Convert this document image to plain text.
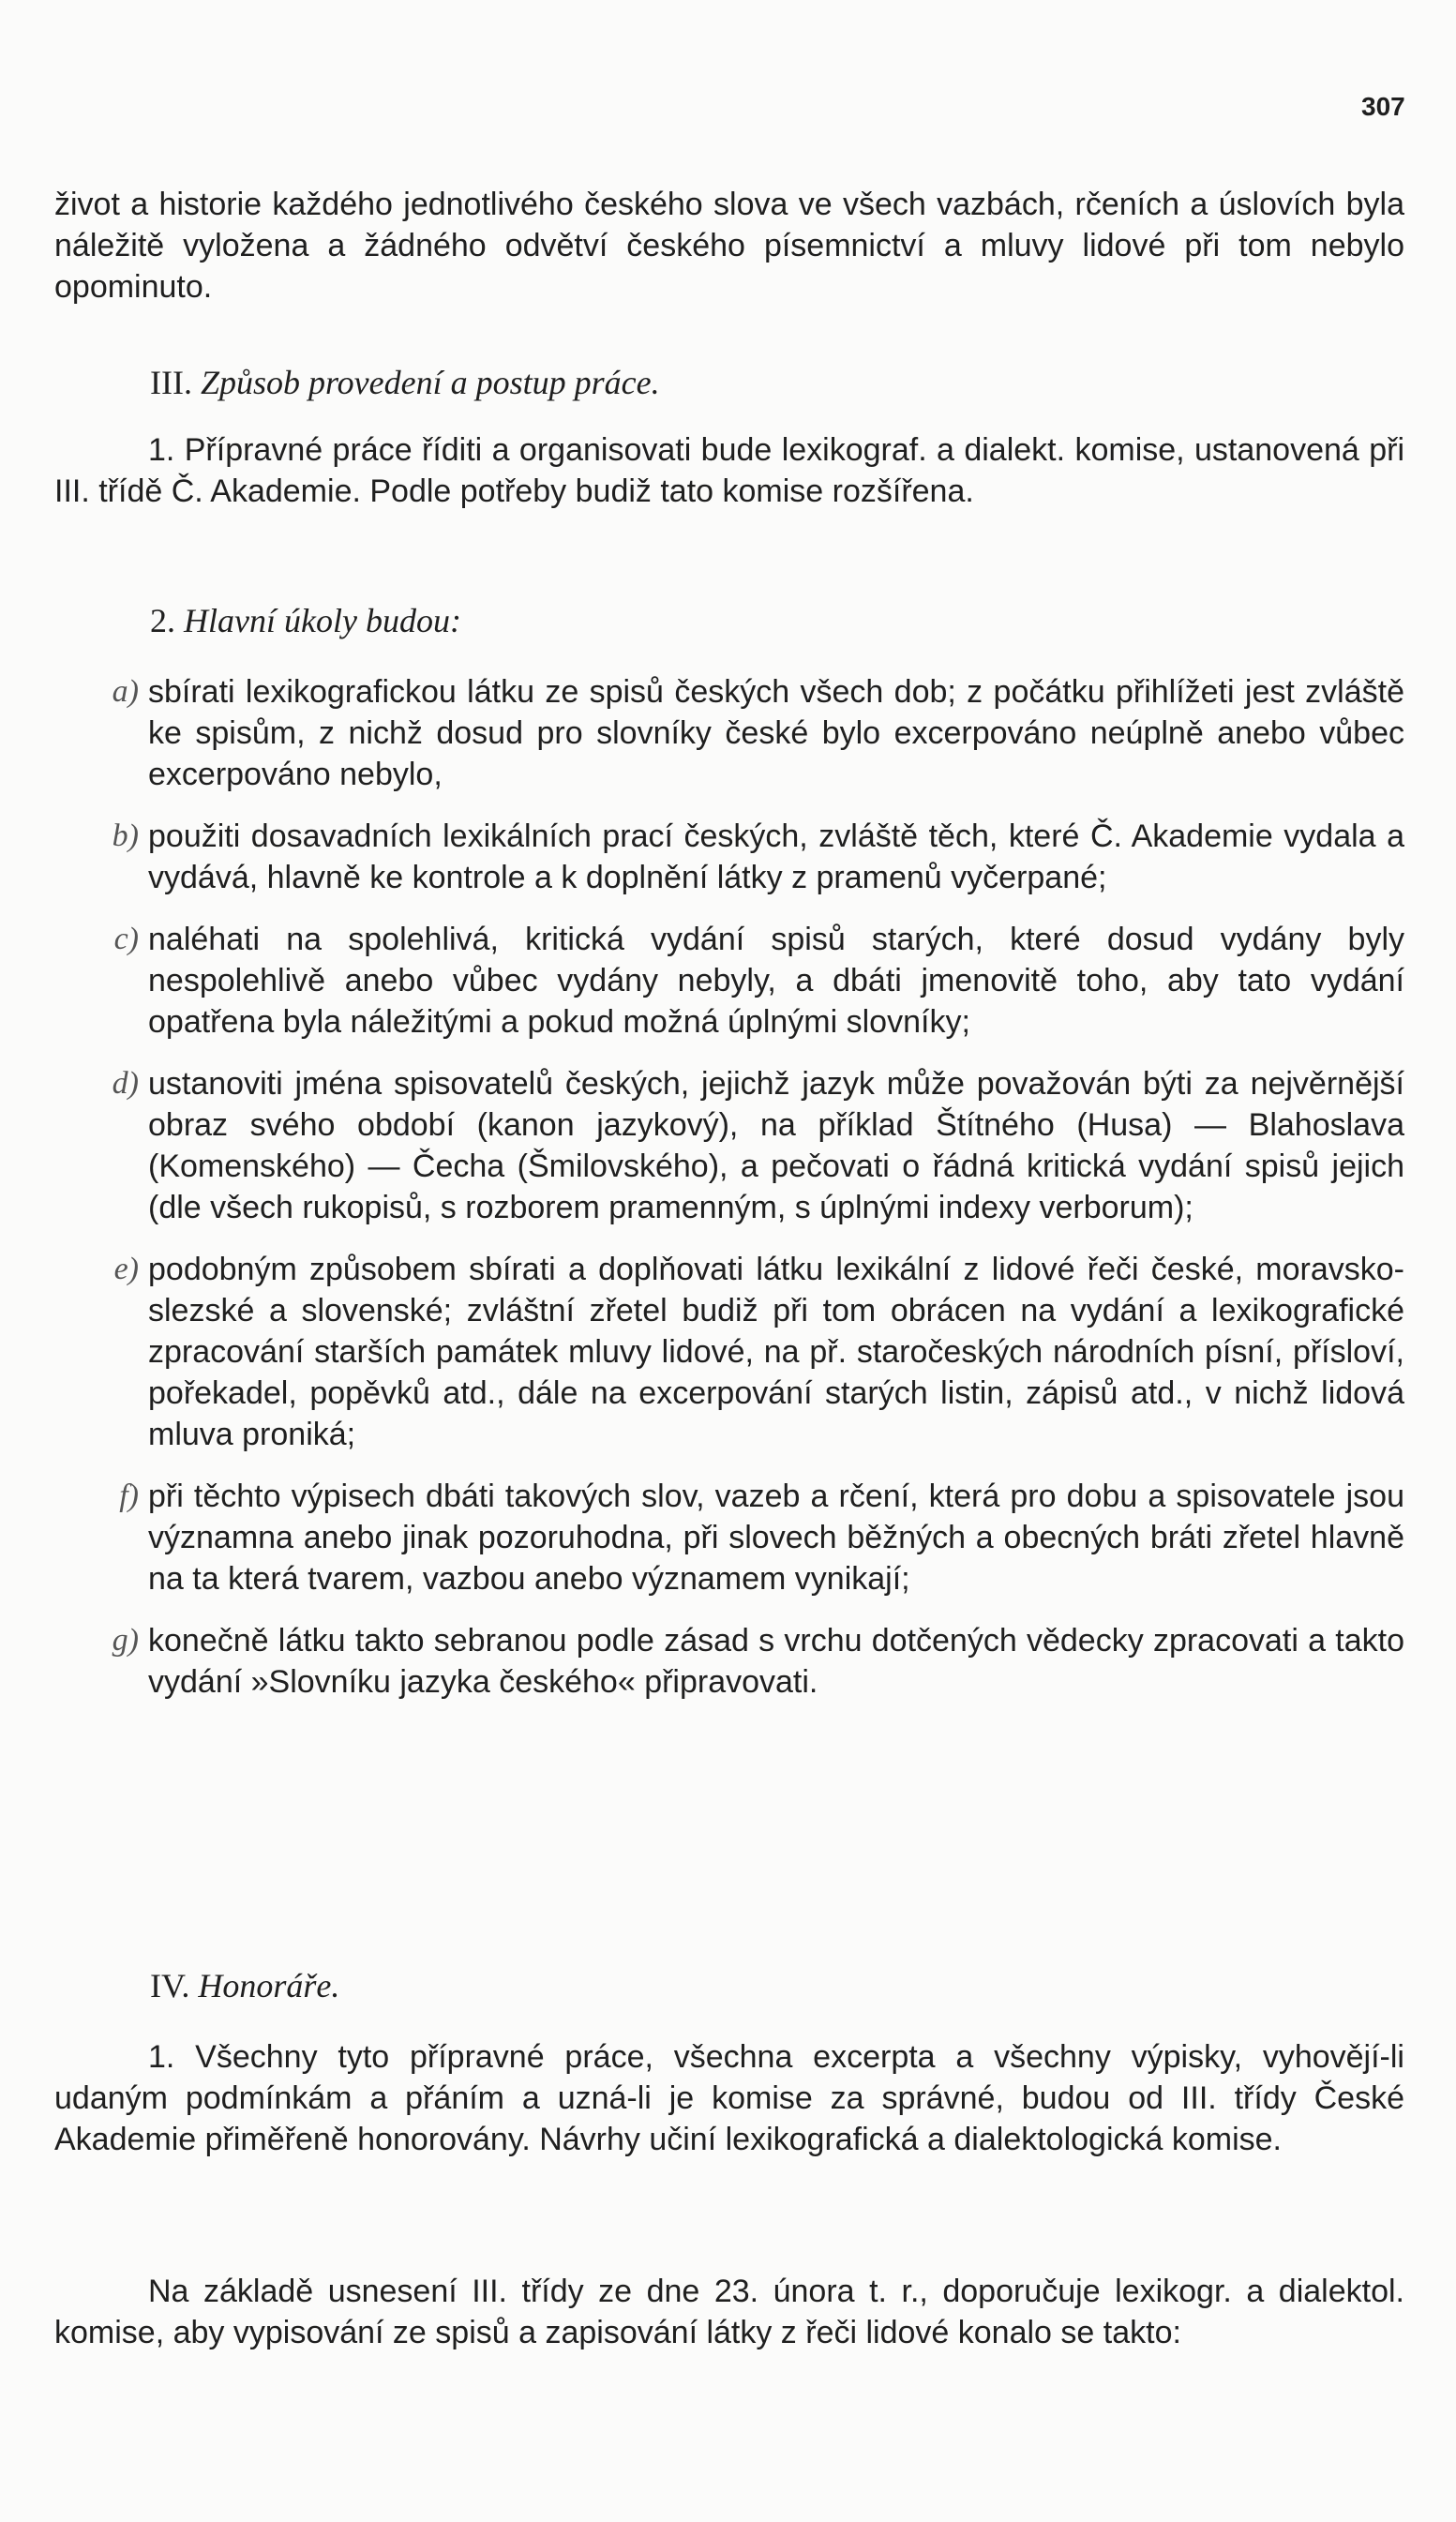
307

život a historie každého jednotlivého českého slova ve všech vazbách, rčeních a úslovích byla náležitě vyložena a žádného odvětví českého písemnictví a mluvy lidové při tom nebylo opominuto.

III. Způsob provedení a postup práce.

1. Přípravné práce říditi a organisovati bude lexikograf. a dialekt. komise, ustanovená při III. třídě Č. Akademie. Podle potřeby budiž tato komise rozšířena.

2. Hlavní úkoly budou:
a) sbírati lexikografickou látku ze spisů českých všech dob; z počátku přihlížeti jest zvláště ke spisům, z nichž dosud pro slovníky české bylo excerpováno neúplně anebo vůbec excerpováno nebylo,
b) použiti dosavadních lexikálních prací českých, zvláště těch, které Č. Akademie vydala a vydává, hlavně ke kontrole a k doplnění látky z pramenů vyčerpané;
c) naléhati na spolehlivá, kritická vydání spisů starých, které dosud vydány byly nespolehlivě anebo vůbec vydány nebyly, a dbáti jmenovitě toho, aby tato vydání opatřena byla náležitými a pokud možná úplnými slovníky;
d) ustanoviti jména spisovatelů českých, jejichž jazyk může považován býti za nejvěrnější obraz svého období (kanon jazykový), na příklad Štítného (Husa) — Blahoslava (Komenského) — Čecha (Šmilovského), a pečovati o řádná kritická vydání spisů jejich (dle všech rukopisů, s rozborem pramenným, s úplnými indexy verborum);
e) podobným způsobem sbírati a doplňovati látku lexikální z lidové řeči české, moravsko-slezské a slovenské; zvláštní zřetel budiž při tom obrácen na vydání a lexikografické zpracování starších památek mluvy lidové, na př. staročeských národních písní, přísloví, pořekadel, popěvků atd., dále na excerpování starých listin, zápisů atd., v nichž lidová mluva proniká;
f) při těchto výpisech dbáti takových slov, vazeb a rčení, která pro dobu a spisovatele jsou významna anebo jinak pozoruhodna, při slovech běžných a obecných bráti zřetel hlavně na ta která tvarem, vazbou anebo významem vynikají;
g) konečně látku takto sebranou podle zásad s vrchu dotčených vědecky zpracovati a takto vydání »Slovníku jazyka českého« připravovati.
IV. Honoráře.

1. Všechny tyto přípravné práce, všechna excerpta a všechny výpisky, vyhovějí-li udaným podmínkám a přáním a uzná-li je komise za správné, budou od III. třídy České Akademie přiměřeně honorovány. Návrhy učiní lexikografická a dialektologická komise.

Na základě usnesení III. třídy ze dne 23. února t. r., doporučuje lexikogr. a dialektol. komise, aby vypisování ze spisů a zapisování látky z řeči lidové konalo se takto:
